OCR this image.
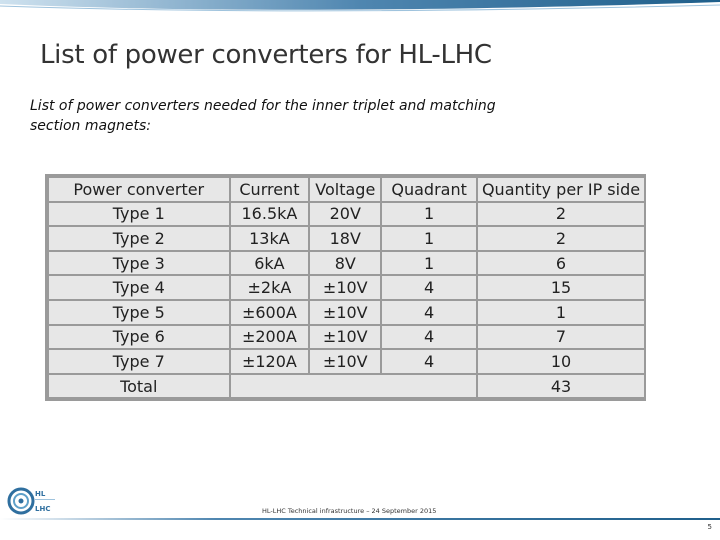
List of power converters for HL-LHC
List of power converters needed for the inner triplet and matching section magnets:
Power converter	Current	Voltage	Quadrant	Quantity per IP side
Type 1	16.5kA	20V	1	2
Type 2	13kA	18V	1	2
Type 3	6kA	8V	1	6
Type 4	±2kA	±10V	4	15
Type 5	±600A	±10V	4	1
Type 6	±200A	±10V	4	7
Type 7	±120A	±10V	4	10
Total				43
HL
LHC	HL-LHC Technical infrastructure – 24 September 2015
5
